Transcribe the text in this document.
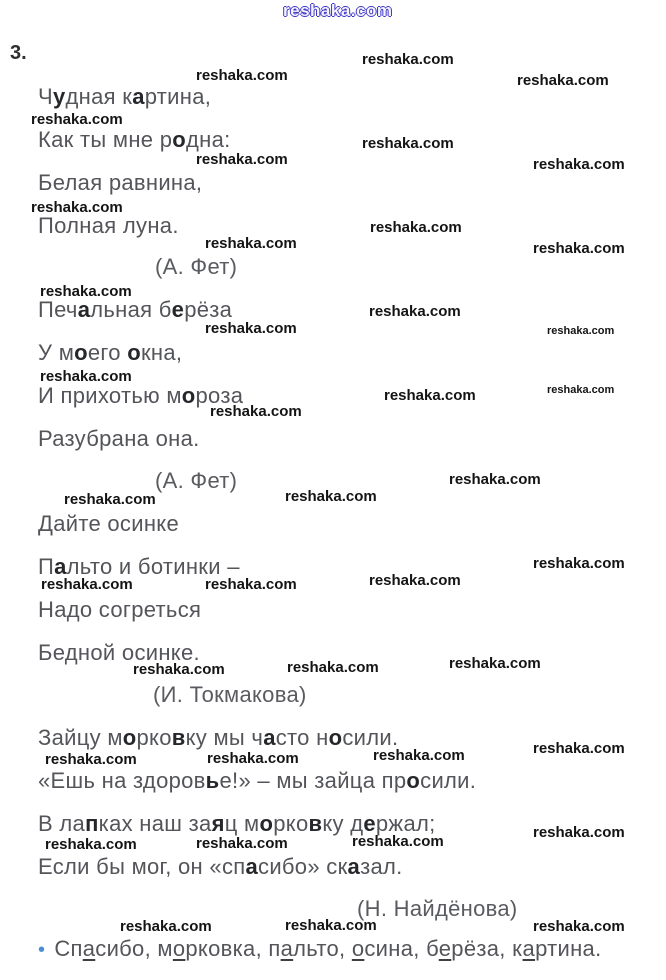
reshaka.com
3.
Чудная картина,
Как ты мне родна:
Белая равнина,
Полная луна.
(А. Фет)
Печальная берёза
У моего окна,
И прихотью мороза
Разубрана она.
(А. Фет)
Дайте осинке
Пальто и ботинки –
Надо согреться
Бедной осинке.
(И. Токмакова)
Зайцу морковку мы часто носили.
«Ешь на здоровье!» – мы зайца просили.
В лапках наш заяц морковку держал;
Если бы мог, он «спасибо» сказал.
(Н. Найдёнова)
• Спасибо, морковка, пальто, осина, берёза, картина.
reshaka.com
reshaka.com	reshaka.com
reshaka.com
reshaka.com
reshaka.com	reshaka.com
reshaka.com
reshaka.com
reshaka.com	reshaka.com
reshaka.com
reshaka.com
reshaka.com	reshaka.com
reshaka.com
reshaka.com	reshaka.com
reshaka.com
reshaka.com
reshaka.com
reshaka.com
reshaka.com
reshaka.com	reshaka.com	reshaka.com
reshaka.com
reshaka.com
reshaka.com
reshaka.com
reshaka.com	reshaka.com	reshaka.com
reshaka.com
reshaka.com	reshaka.com	reshaka.com
reshaka.com	reshaka.com	reshaka.com
